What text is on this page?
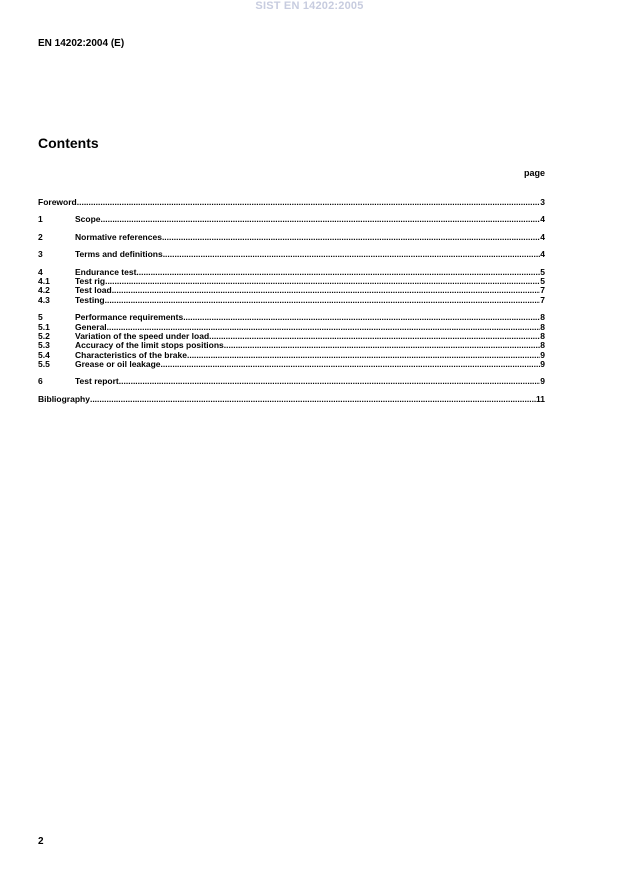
SIST EN 14202:2005
EN 14202:2004 (E)
Contents
page
Foreword .....	3
1	Scope .....	4
2	Normative references .....	4
3	Terms and definitions .....	4
4	Endurance test .....	5
4.1	Test rig .....	5
4.2	Test load .....	7
4.3	Testing .....	7
5	Performance requirements .....	8
5.1	General .....	8
5.2	Variation of the speed under load .....	8
5.3	Accuracy of the limit stops positions .....	8
5.4	Characteristics of the brake .....	9
5.5	Grease or oil leakage .....	9
6	Test report .....	9
Bibliography .....	11
2
